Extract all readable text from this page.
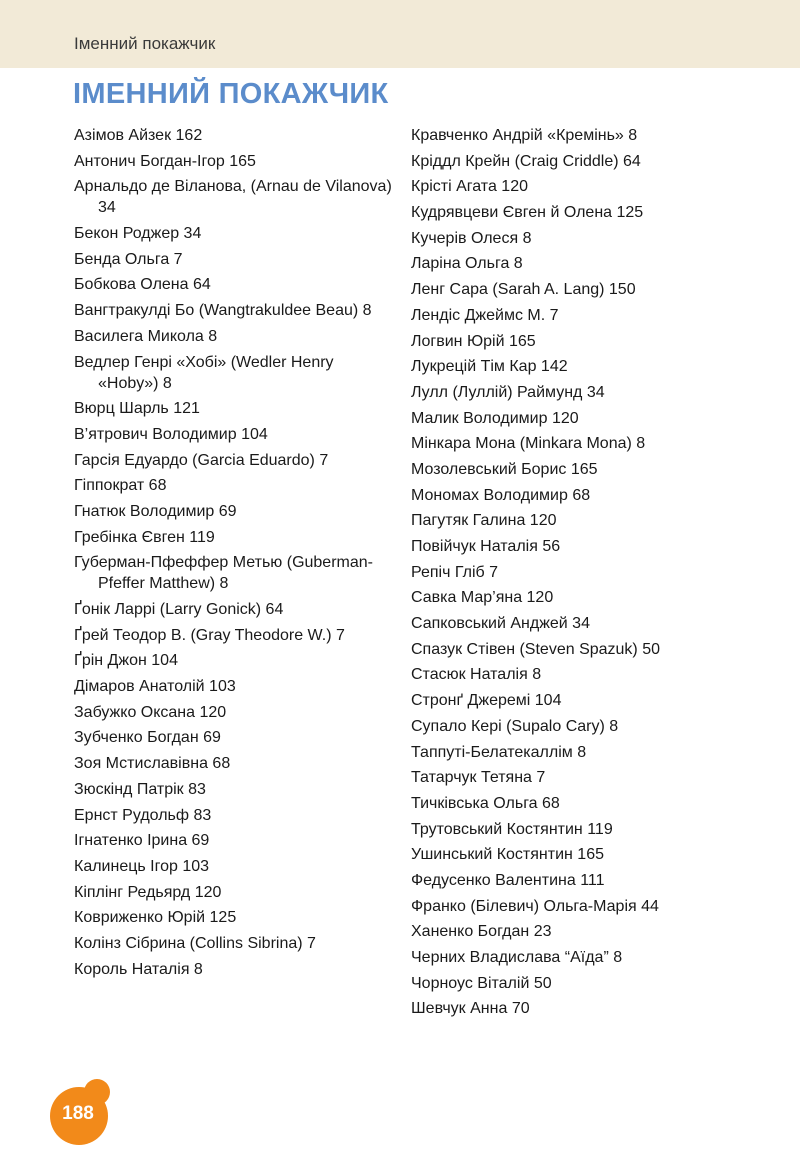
Іменний покажчик
ІМЕННИЙ ПОКАЖЧИК
Азімов Айзек 162
Антонич Богдан-Ігор 165
Арнальдо де Віланова, (Arnau de Vilanova) 34
Бекон Роджер 34
Бенда Ольга 7
Бобкова Олена 64
Вангтракулді Бо (Wangtrakuldee Beau) 8
Василега Микола 8
Ведлер Генрі «Хобі» (Wedler Henry «Hoby») 8
Вюрц Шарль 121
В’ятрович Володимир 104
Гарсія Едуардо (Garcia Eduardo) 7
Гіппократ 68
Гнатюк Володимир 69
Гребінка Євген 119
Губерман-Пфеффер Метью (Guberman-Pfeffer Matthew) 8
Ґонік Ларрі (Larry Gonick) 64
Ґрей Теодор В. (Gray Theodore W.) 7
Ґрін Джон 104
Дімаров Анатолій 103
Забужко Оксана 120
Зубченко Богдан 69
Зоя Мстиславівна 68
Зюскінд Патрік 83
Ернст Рудольф 83
Ігнатенко Ірина 69
Калинець Ігор 103
Кіплінг Редьярд 120
Ковриженко Юрій 125
Колінз Сібрина (Collins Sibrina) 7
Король Наталія 8
Кравченко Андрій «Кремінь» 8
Кріддл Крейн (Craig Criddle) 64
Крісті Агата 120
Кудрявцеви Євген й Олена 125
Кучерів Олеся 8
Ларіна Ольга 8
Ленг Сара (Sarah A. Lang) 150
Лендіс Джеймс М. 7
Логвин Юрій 165
Лукрецій Тім Кар 142
Лулл (Луллій) Раймунд 34
Малик Володимир 120
Мінкара Мона (Minkara Mona) 8
Мозолевський Борис 165
Мономах Володимир 68
Пагутяк Галина 120
Повійчук Наталія 56
Репіч Гліб 7
Савка Мар’яна 120
Сапковський Анджей 34
Спазук Стівен (Steven Spazuk) 50
Стасюк Наталія 8
Стронґ Джеремі 104
Супало Кері (Supalo Cary) 8
Таппуті-Белатекаллім 8
Татарчук Тетяна 7
Тичківська Ольга 68
Трутовський Костянтин 119
Ушинський Костянтин 165
Федусенко Валентина 111
Франко (Білевич) Ольга-Марія 44
Ханенко Богдан 23
Черних Владислава “Аїда” 8
Чорноус Віталій 50
Шевчук Анна 70
188
